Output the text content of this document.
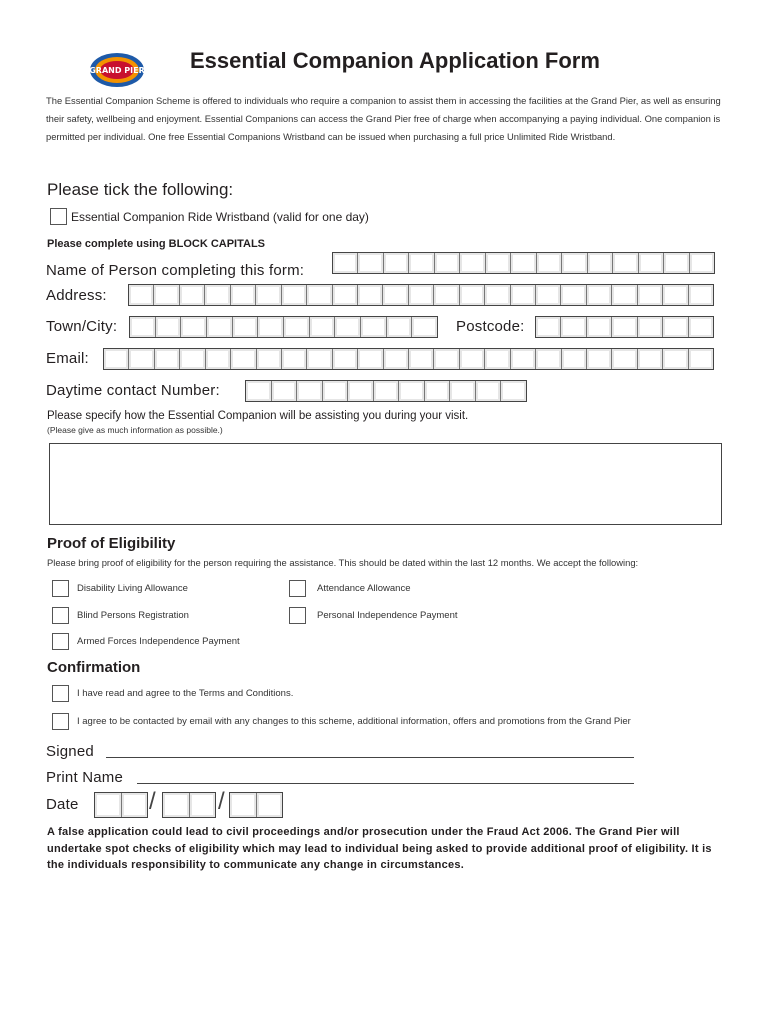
GRAND PIER Essential Companion Application Form
The Essential Companion Scheme is offered to individuals who require a companion to assist them in accessing the facilities at the Grand Pier, as well as ensuring their safety, wellbeing and enjoyment. Essential Companions can access the Grand Pier free of charge when accompanying a paying individual. One companion is permitted per individual. One free Essential Companions Wristband can be issued when purchasing a full price Unlimited Ride Wristband.
Please tick the following:
Essential Companion Ride Wristband (valid for one day)
Please complete using BLOCK CAPITALS
Name of Person completing this form:
Address:
Town/City:	Postcode:
Email:
Daytime contact Number:
Please specify how the Essential Companion will be assisting you during your visit.
(Please give as much information as possible.)
Proof of Eligibility
Please bring proof of eligibility for the person requiring the assistance. This should be dated within the last 12 months. We accept the following:
Disability Living Allowance	Attendance Allowance
Blind Persons Registration	Personal Independence Payment
Armed Forces Independence Payment
Confirmation
I have read and agree to the Terms and Conditions.
I agree to be contacted by email with any changes to this scheme, additional information, offers and promotions from the Grand Pier
Signed
Print Name
Date	/	/
A false application could lead to civil proceedings and/or prosecution under the Fraud Act 2006. The Grand Pier will undertake spot checks of eligibility which may lead to individual being asked to provide additional proof of eligibility. It is the individuals responsibility to communicate any change in circumstances.
